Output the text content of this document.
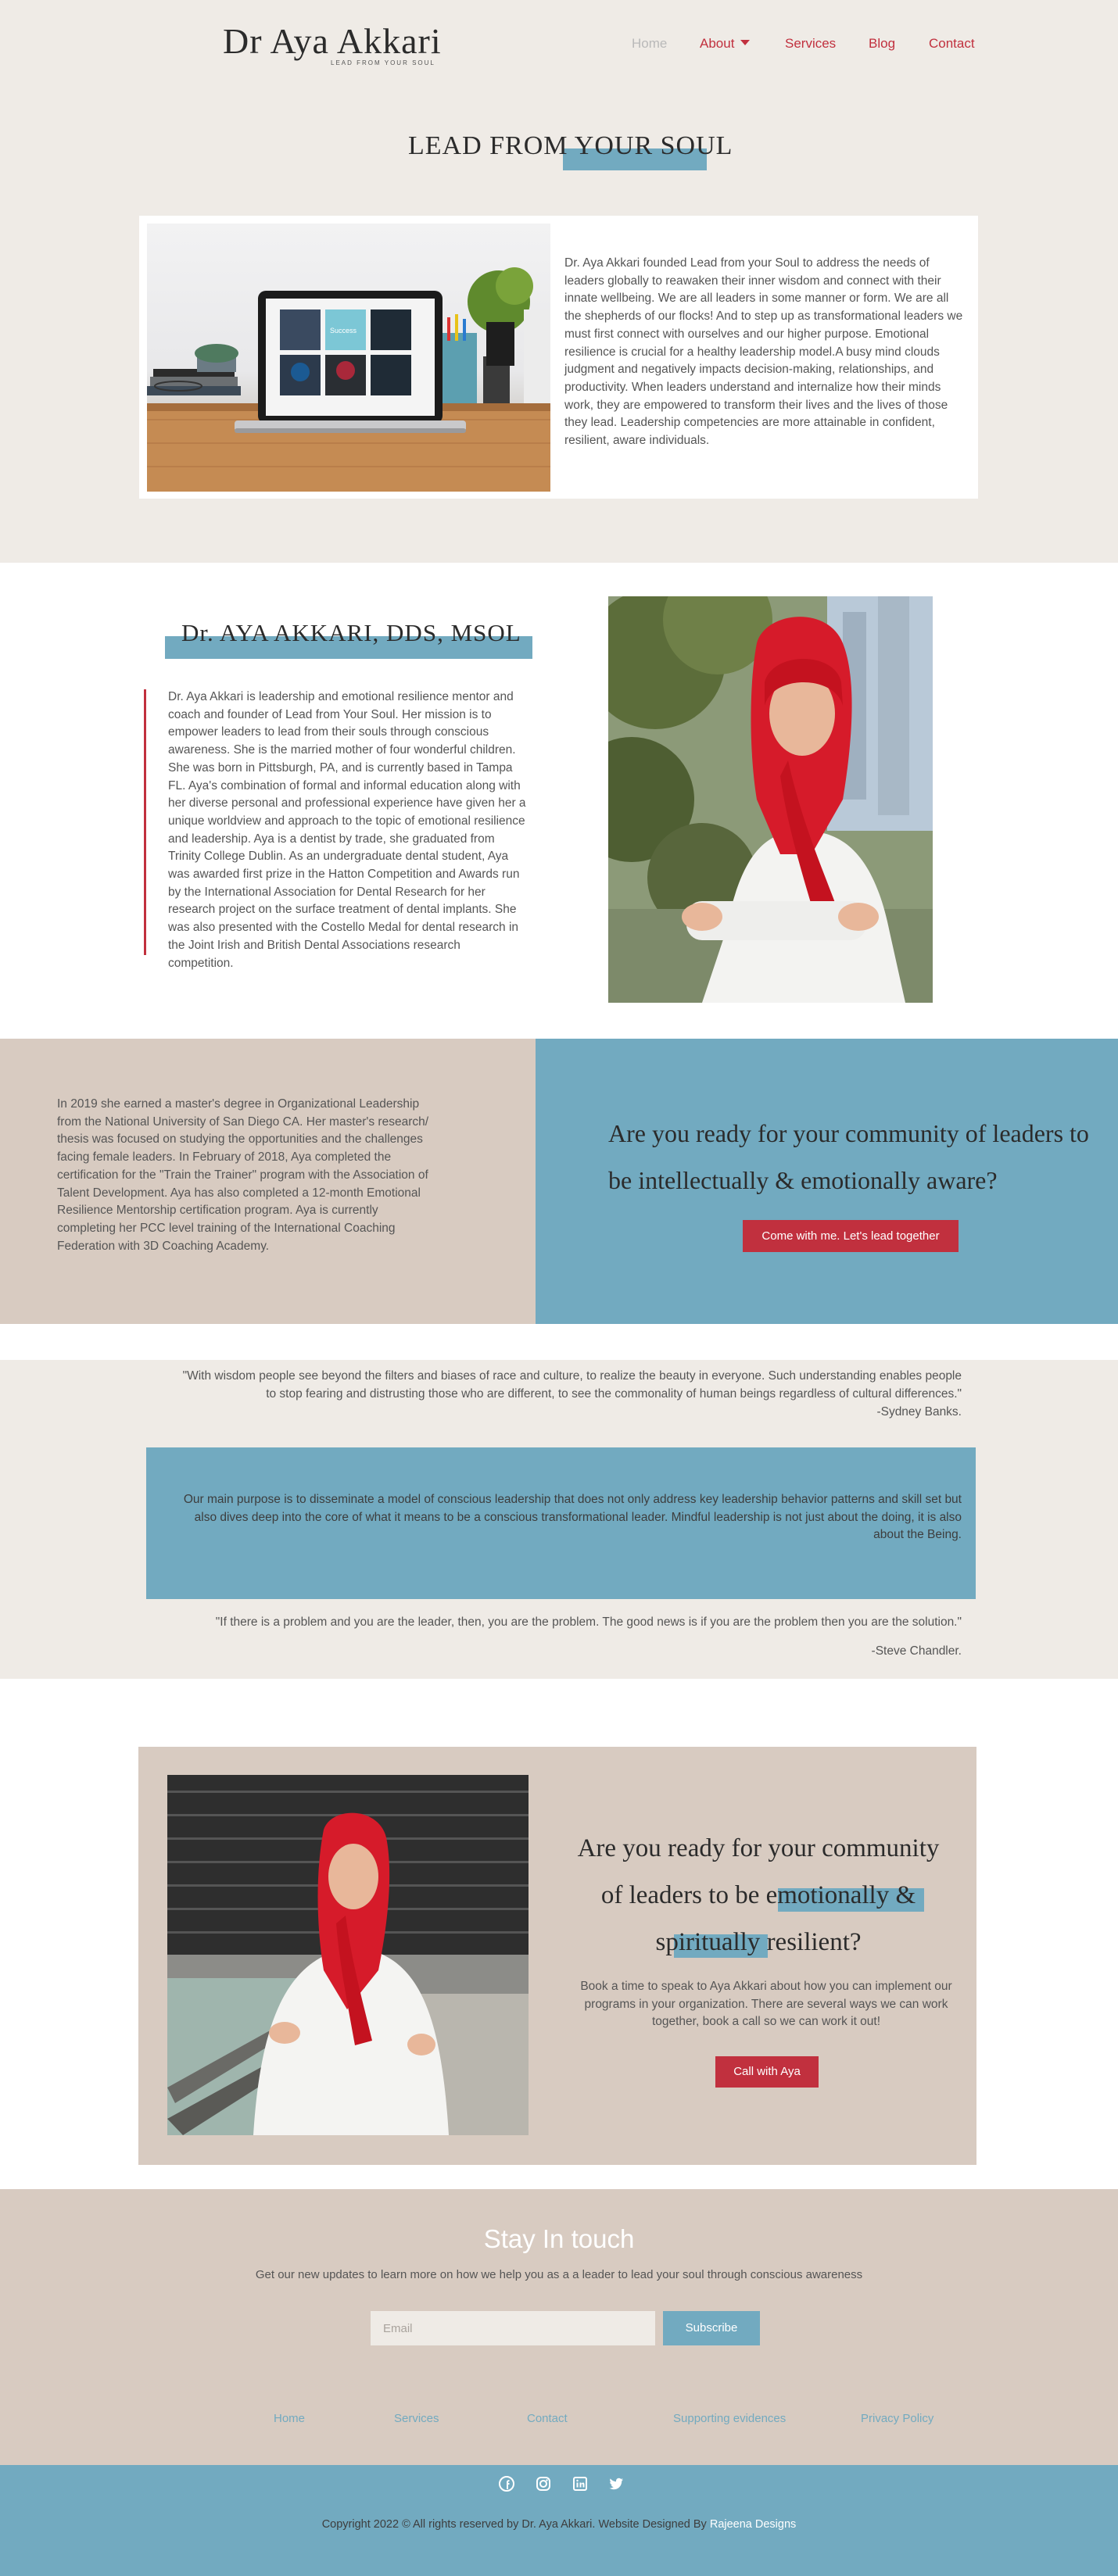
Dr Aya Akkari
LEAD FROM YOUR SOUL
Home About	Services Blog	Contact
LEAD FROM YOUR SOUL
Success
Dr. Aya Akkari founded Lead from your Soul to address the needs of leaders globally to reawaken their inner wisdom and connect with their innate wellbeing. We are all leaders in some manner or form. We are all the shepherds of our flocks! And to step up as transformational leaders we must first connect with ourselves and our higher purpose. Emotional resilience is crucial for a healthy leadership model.A busy mind clouds judgment and negatively impacts decision-making, relationships, and productivity. When leaders understand and internalize how their minds work, they are empowered to transform their lives and the lives of those they lead. Leadership competencies are more attainable in confident, resilient, aware individuals.
Dr. AYA AKKARI, DDS, MSOL
Dr. Aya Akkari is leadership and emotional resilience mentor and coach and founder of Lead from Your Soul. Her mission is to empower leaders to lead from their souls through conscious awareness. She is the married mother of four wonderful children. She was born in Pittsburgh, PA, and is currently based in Tampa FL. Aya's combination of formal and informal education along with her diverse personal and professional experience have given her a unique worldview and approach to the topic of emotional resilience and leadership. Aya is a dentist by trade, she graduated from Trinity College Dublin. As an undergraduate dental student, Aya was awarded first prize in the Hatton Competition and Awards run by the International Association for Dental Research for her research project on the surface treatment of dental implants. She was also presented with the Costello Medal for dental research in the Joint Irish and British Dental Associations research competition.
In 2019 she earned a master's degree in Organizational Leadership from the National University of San Diego CA. Her master's research/ thesis was focused on studying the opportunities and the challenges facing female leaders. In February of 2018, Aya completed the certification for the "Train the Trainer" program with the Association of Talent Development. Aya has also completed a 12-month Emotional Resilience Mentorship certification program. Aya is currently completing her PCC level training of the International Coaching Federation with 3D Coaching Academy.
Are you ready for your community of leaders to be intellectually & emotionally aware?
Come with me. Let's lead together
"With wisdom people see beyond the filters and biases of race and culture, to realize the beauty in everyone. Such understanding enables people to stop fearing and distrusting those who are different, to see the commonality of human beings regardless of cultural differences."
-Sydney Banks.
Our main purpose is to disseminate a model of conscious leadership that does not only address key leadership behavior patterns and skill set but also dives deep into the core of what it means to be a conscious transformational leader. Mindful leadership is not just about the doing, it is also about the Being.
"If there is a problem and you are the leader, then, you are the problem. The good news is if you are the problem then you are the solution."
-Steve Chandler.
Are you ready for your community
of leaders to be emotionally &
spiritually resilient?
Book a time to speak to Aya Akkari about how you can implement our programs in your organization. There are several ways we can work together, book a call so we can work it out!
Call with Aya
Stay In touch
Get our new updates to learn more on how we help you as a a leader to lead your soul through conscious awareness
Email
Subscribe
Home	Services	Contact	Supporting evidences	Privacy Policy
Copyright 2022 © All rights reserved by Dr. Aya Akkari. Website Designed By Rajeena Designs
